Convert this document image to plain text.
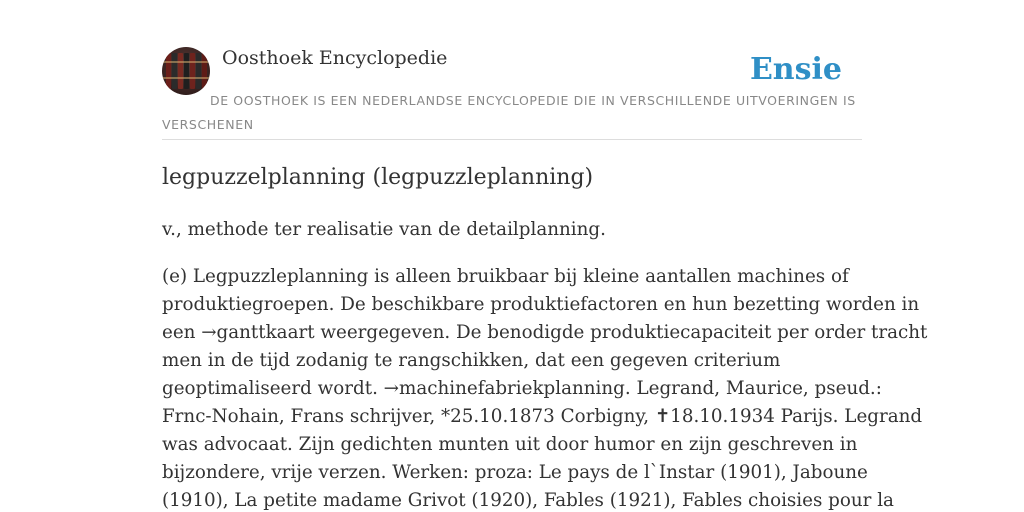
Oosthoek Encyclopedie	Ensie
DE OOSTHOEK IS EEN NEDERLANDSE ENCYCLOPEDIE DIE IN VERSCHILLENDE UITVOERINGEN IS VERSCHENEN
legpuzzelplanning (legpuzzleplanning)

v., methode ter realisatie van de detailplanning.

(e) Legpuzzleplanning is alleen bruikbaar bij kleine aantallen machines of
produktiegroepen. De beschikbare produktiefactoren en hun bezetting worden in
een →ganttkaart weergegeven. De benodigde produktiecapaciteit per order tracht
men in de tijd zodanig te rangschikken, dat een gegeven criterium
geoptimaliseerd wordt. →machinefabriekplanning. Legrand, Maurice, pseud.:
Frnc-Nohain, Frans schrijver, *25.10.1873 Corbigny, ✝18.10.1934 Parijs. Legrand
was advocaat. Zijn gedichten munten uit door humor en zijn geschreven in
bijzondere, vrije verzen. Werken: proza: Le pays de l`Instar (1901), Jaboune
(1910), La petite madame Grivot (1920), Fables (1921), Fables choisies pour la
